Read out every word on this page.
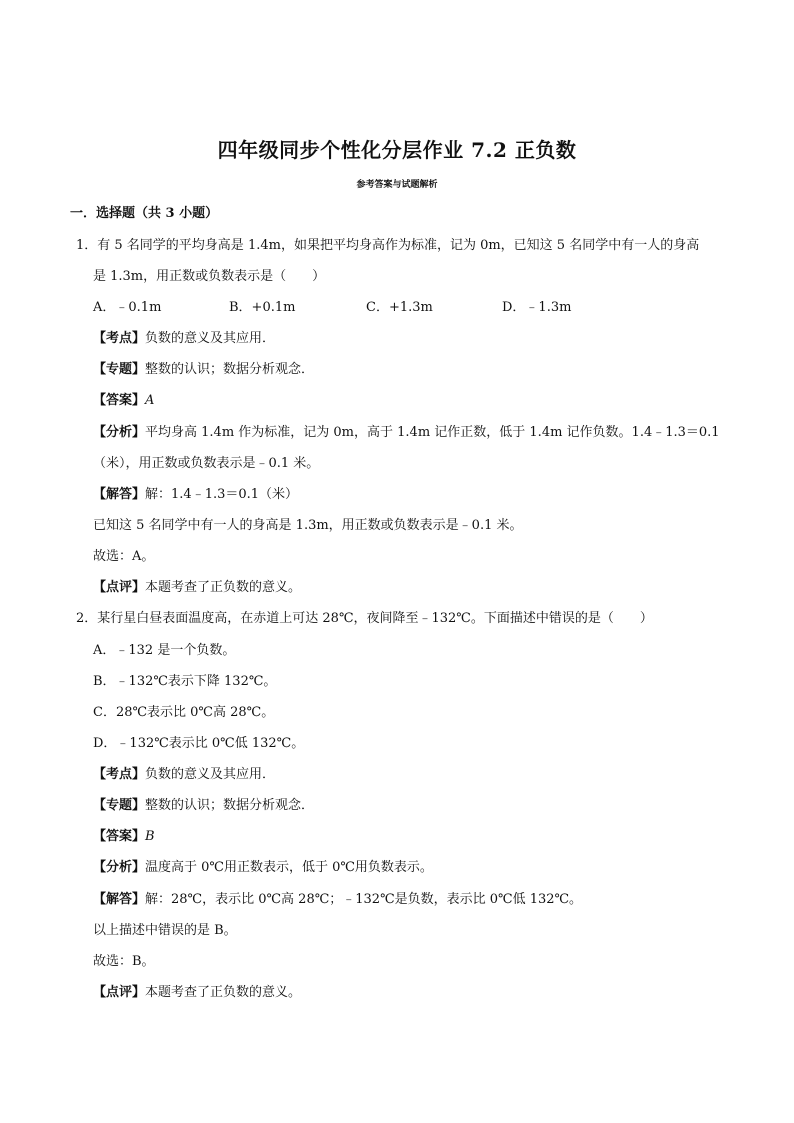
四年级同步个性化分层作业 7.2 正负数
参考答案与试题解析
一．选择题（共 3 小题）
1．有 5 名同学的平均身高是 1.4m，如果把平均身高作为标准，记为 0m，已知这 5 名同学中有一人的身高
是 1.3m，用正数或负数表示是（　　）
A．﹣0.1m	B．+0.1m	C．+1.3m	D．﹣1.3m
【考点】负数的意义及其应用．
【专题】整数的认识；数据分析观念．
【答案】A
【分析】平均身高 1.4m 作为标准，记为 0m，高于 1.4m 记作正数，低于 1.4m 记作负数。1.4﹣1.3＝0.1
（米），用正数或负数表示是﹣0.1 米。
【解答】解：1.4﹣1.3＝0.1（米）
已知这 5 名同学中有一人的身高是 1.3m，用正数或负数表示是﹣0.1 米。
故选：A。
【点评】本题考查了正负数的意义。
2．某行星白昼表面温度高，在赤道上可达 28℃，夜间降至﹣132℃。下面描述中错误的是（　　）
A．﹣132 是一个负数。
B．﹣132℃表示下降 132℃。
C．28℃表示比 0℃高 28℃。
D．﹣132℃表示比 0℃低 132℃。
【考点】负数的意义及其应用．
【专题】整数的认识；数据分析观念．
【答案】B
【分析】温度高于 0℃用正数表示，低于 0℃用负数表示。
【解答】解：28℃，表示比 0℃高 28℃；﹣132℃是负数，表示比 0℃低 132℃。
以上描述中错误的是 B。
故选：B。
【点评】本题考查了正负数的意义。
